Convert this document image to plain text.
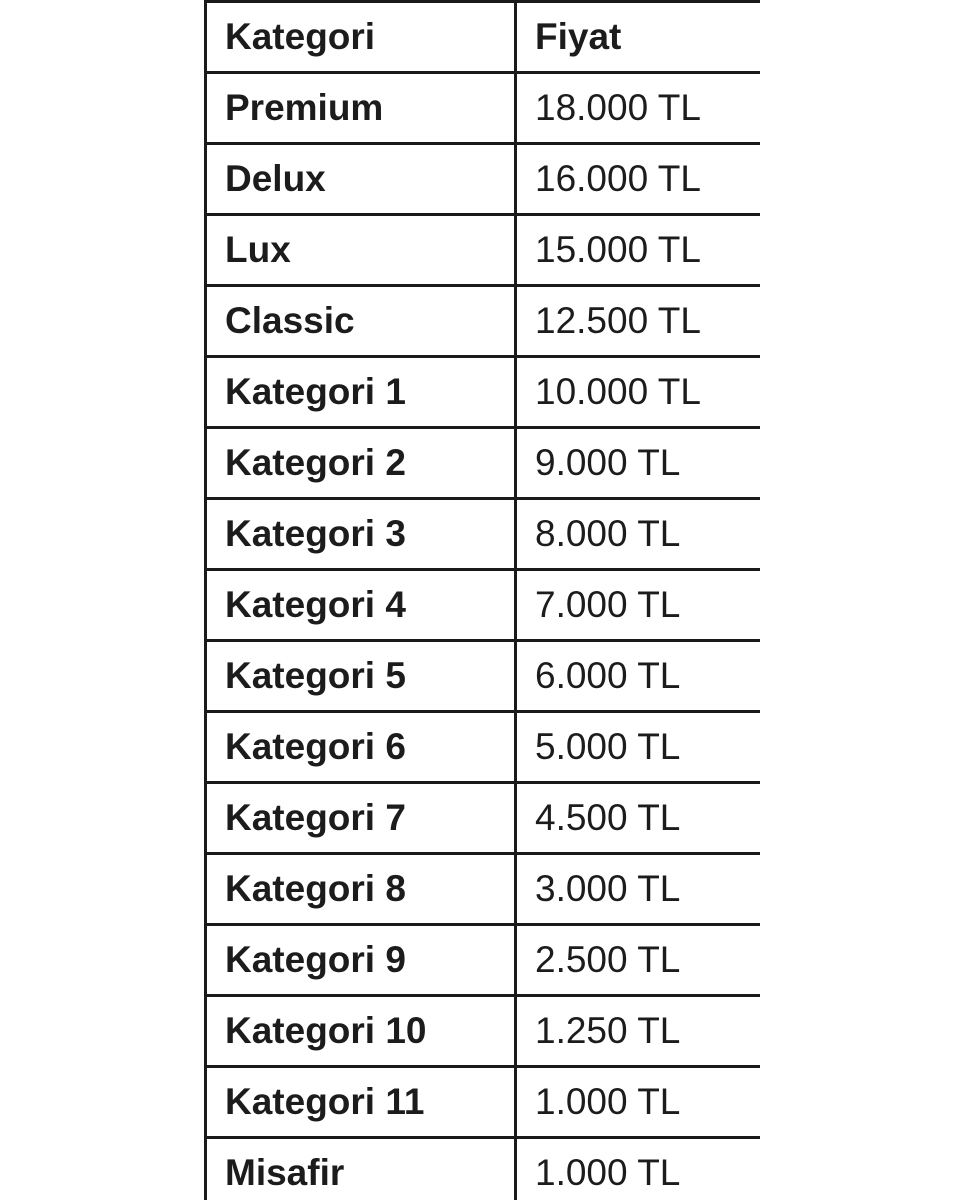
Kategori	Fiyat
Premium	18.000 TL
Delux	16.000 TL
Lux	15.000 TL
Classic	12.500 TL
Kategori 1	10.000 TL
Kategori 2	9.000 TL
Kategori 3	8.000 TL
Kategori 4	7.000 TL
Kategori 5	6.000 TL
Kategori 6	5.000 TL
Kategori 7	4.500 TL
Kategori 8	3.000 TL
Kategori 9	2.500 TL
Kategori 10	1.250 TL
Kategori 11	1.000 TL
Misafir	1.000 TL
